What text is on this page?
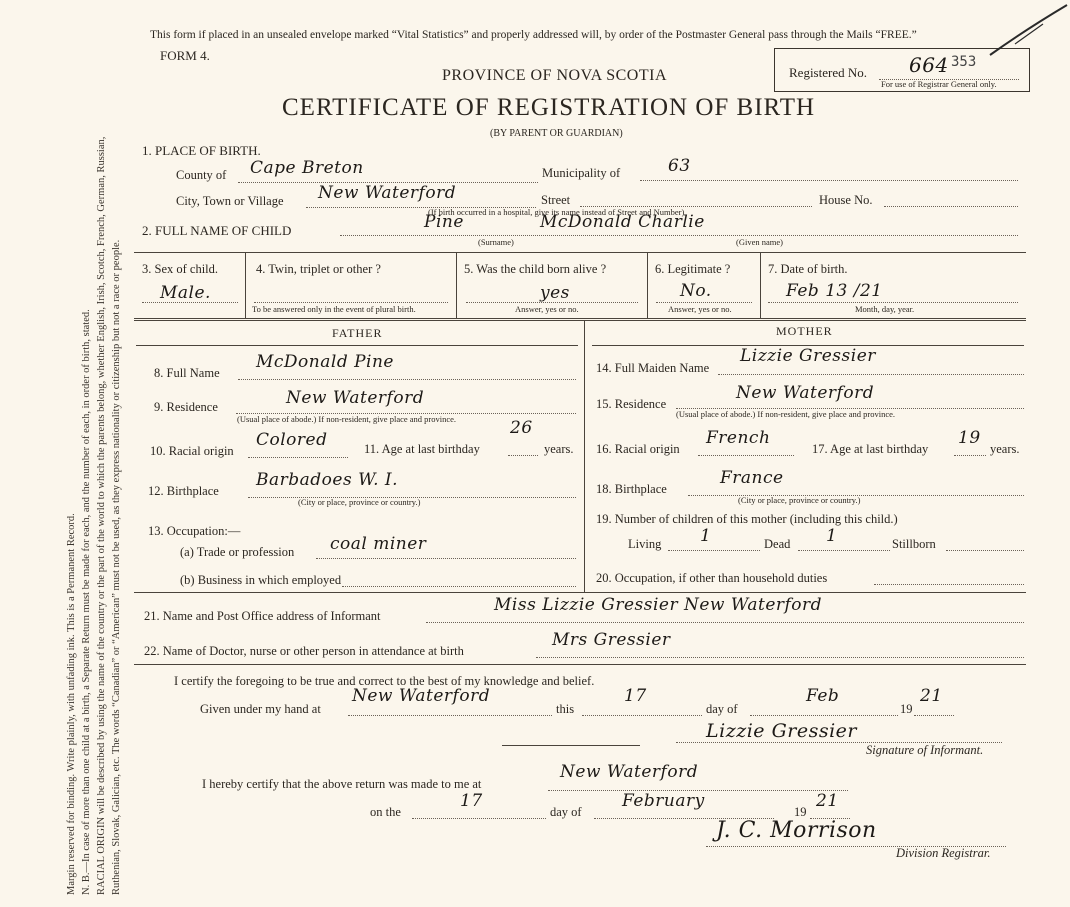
Margin reserved for binding. Write plainly, with unfading ink. This is a Permanent Record. N. B.—In case of more than one child at a birth, a Separate Return must be made for each, and the number of each, in order of birth, stated. RACIAL ORIGIN will be described by using the name of the country or the part of the world to which the parents belong, whether English, Irish, Scotch, French, German, Russian, Ruthenian, Slovak, Galician, etc. The words “Canadian” or “American” must not be used, as they express nationality or citizenship but not a race or people.
This form if placed in an unsealed envelope marked “Vital Statistics” and properly addressed will, by order of the Postmaster General pass through the Mails “FREE.”
FORM 4.
PROVINCE OF NOVA SCOTIA
CERTIFICATE OF REGISTRATION OF BIRTH
(BY PARENT OR GUARDIAN)
Registered No. 664 353
For use of Registrar General only.
1. PLACE OF BIRTH.
County of Cape Breton	Municipality of	63
City, Town or Village New Waterford	Street	House No.
(If birth occurred in a hospital, give its name instead of Street and Number)
2. FULL NAME OF CHILD	Pine	McDonald Charlie
(Surname)	(Given name)
3. Sex of child.
Male.
4. Twin, triplet or other ?
To be answered only in the event of plural birth.
5. Was the child born alive ?
yes
Answer, yes or no.
6. Legitimate ?
No.
Answer, yes or no.
7. Date of birth.
Feb 13 /21
Month, day, year.
FATHER	MOTHER
8. Full Name
McDonald Pine
9. Residence	New Waterford
(Usual place of abode.) If non-resident, give place and province.
10. Racial origin
Colored	11. Age at last birthday
26
years.
12. Birthplace
Barbadoes W. I.
(City or place, province or country.)
13. Occupation:—
(a) Trade or profession coal miner
(b) Business in which employed
14. Full Maiden Name
Lizzie Gressier
15. Residence
New Waterford
(Usual place of abode.) If non-resident, give place and province.
16. Racial origin
French
17. Age at last birthday
19
years.
18. Birthplace
France
(City or place, province or country.)
19. Number of children of this mother (including this child.)
Living 1	Dead 1	Stillborn
20. Occupation, if other than household duties
21. Name and Post Office address of Informant
Miss Lizzie Gressier New Waterford
22. Name of Doctor, nurse or other person in attendance at birth
Mrs Gressier
I certify the foregoing to be true and correct to the best of my knowledge and belief.
Given under my hand at
New Waterford
this
17
day of
Feb
19
21
Lizzie Gressier
Signature of Informant.
I hereby certify that the above return was made to me at
New Waterford
on the
17
day of
February
19
21
J. C. Morrison
Division Registrar.
